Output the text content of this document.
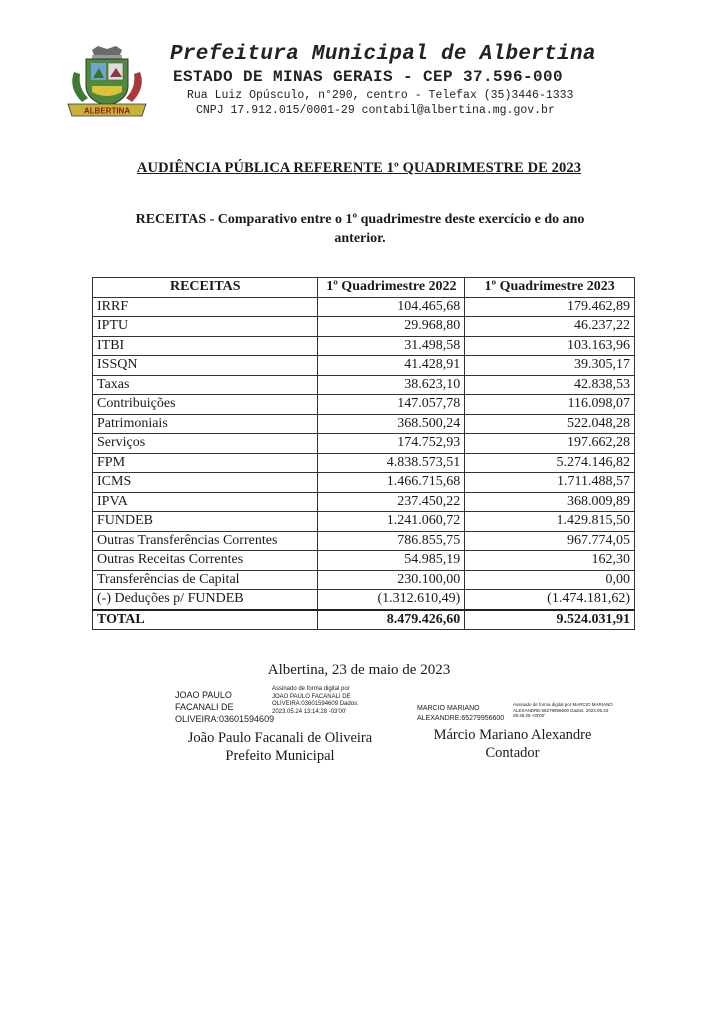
ALBERTINA
Prefeitura Municipal de Albertina
ESTADO DE MINAS GERAIS - CEP 37.596-000
Rua Luiz Opúsculo, n°290, centro - Telefax (35)3446-1333
CNPJ 17.912.015/0001-29 contabil@albertina.mg.gov.br
AUDIÊNCIA PÚBLICA REFERENTE 1º QUADRIMESTRE DE 2023
RECEITAS - Comparativo entre o 1º quadrimestre deste exercício e do ano anterior.
RECEITAS	1º Quadrimestre 2022	1º Quadrimestre 2023
IRRF	104.465,68	179.462,89
IPTU	29.968,80	46.237,22
ITBI	31.498,58	103.163,96
ISSQN	41.428,91	39.305,17
Taxas	38.623,10	42.838,53
Contribuições	147.057,78	116.098,07
Patrimoniais	368.500,24	522.048,28
Serviços	174.752,93	197.662,28
FPM	4.838.573,51	5.274.146,82
ICMS	1.466.715,68	1.711.488,57
IPVA	237.450,22	368.009,89
FUNDEB	1.241.060,72	1.429.815,50
Outras Transferências Correntes	786.855,75	967.774,05
Outras Receitas Correntes	54.985,19	162,30
Transferências de Capital	230.100,00	0,00
(-) Deduções p/ FUNDEB	(1.312.610,49)	(1.474.181,62)
TOTAL	8.479.426,60	9.524.031,91
Albertina, 23 de maio de 2023
JOAO PAULO FACANALI DE OLIVEIRA:03601594609
Assinado de forma digital por JOAO PAULO FACANALI DE OLIVEIRA:03601594609 Dados: 2023.05.24 13:14:28 -03'00'	MARCIO MARIANO ALEXANDRE:65279956600
Assinado de forma digital por MARCIO MARIANO ALEXANDRE:65279956600 Dados: 2023.05.23 08:46:28 -03'00'
João Paulo Facanali de Oliveira
Prefeito Municipal
Márcio Mariano Alexandre
Contador
